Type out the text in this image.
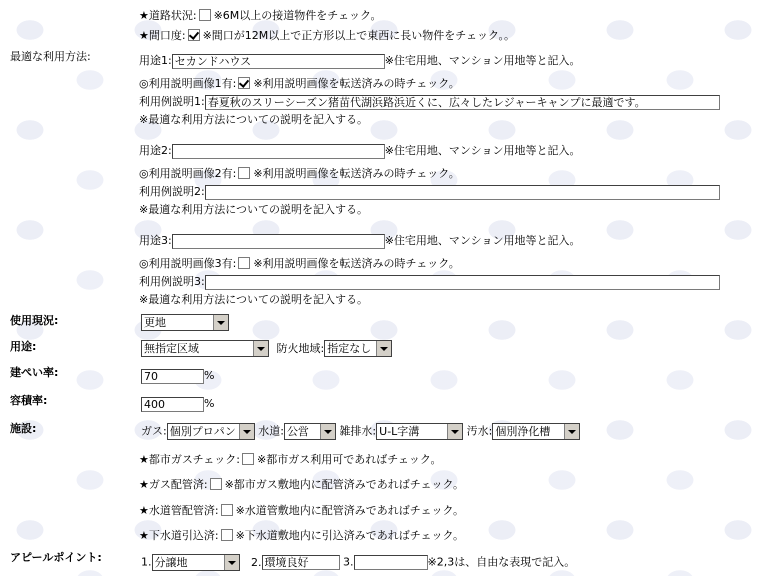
★道路状況: ※6M以上の接道物件をチェック。
★間口度: ※間口が12M以上で正方形以上で東西に長い物件をチェック。。
最適な利用方法:	用途1: セカンドハウス	※住宅用地、マンション用地等と記入。
◎利用説明画像1有: ※利用説明画像を転送済みの時チェック。
利用例説明1: 春夏秋のスリーシーズン猪苗代湖浜路浜近くに、広々したレジャーキャンプに最適です。
※最適な利用方法についての説明を記入する。
用途2:	※住宅用地、マンション用地等と記入。
◎利用説明画像2有: ※利用説明画像を転送済みの時チェック。
利用例説明2:
※最適な利用方法についての説明を記入する。
用途3:	※住宅用地、マンション用地等と記入。
◎利用説明画像3有: ※利用説明画像を転送済みの時チェック。
利用例説明3:
※最適な利用方法についての説明を記入する。
使用現況:	更地
用途:	無指定区域	防火地域: 指定なし
建ぺい率:	70	%
容積率:	400	%
施設:	ガス: 個別プロパン 水道: 公営	雑排水: U-L字溝	汚水: 個別浄化槽
★都市ガスチェック: ※都市ガス利用可であればチェック。
★ガス配管済: ※都市ガス敷地内に配管済みであればチェック。
★水道管配管済: ※水道管敷地内に配管済みであればチェック。
★下水道引込済: ※下水道敷地内に引込済みであればチェック。
アピールポイント:	1. 分譲地	2. 環境良好	3.	※2,3は、自由な表現で記入。
